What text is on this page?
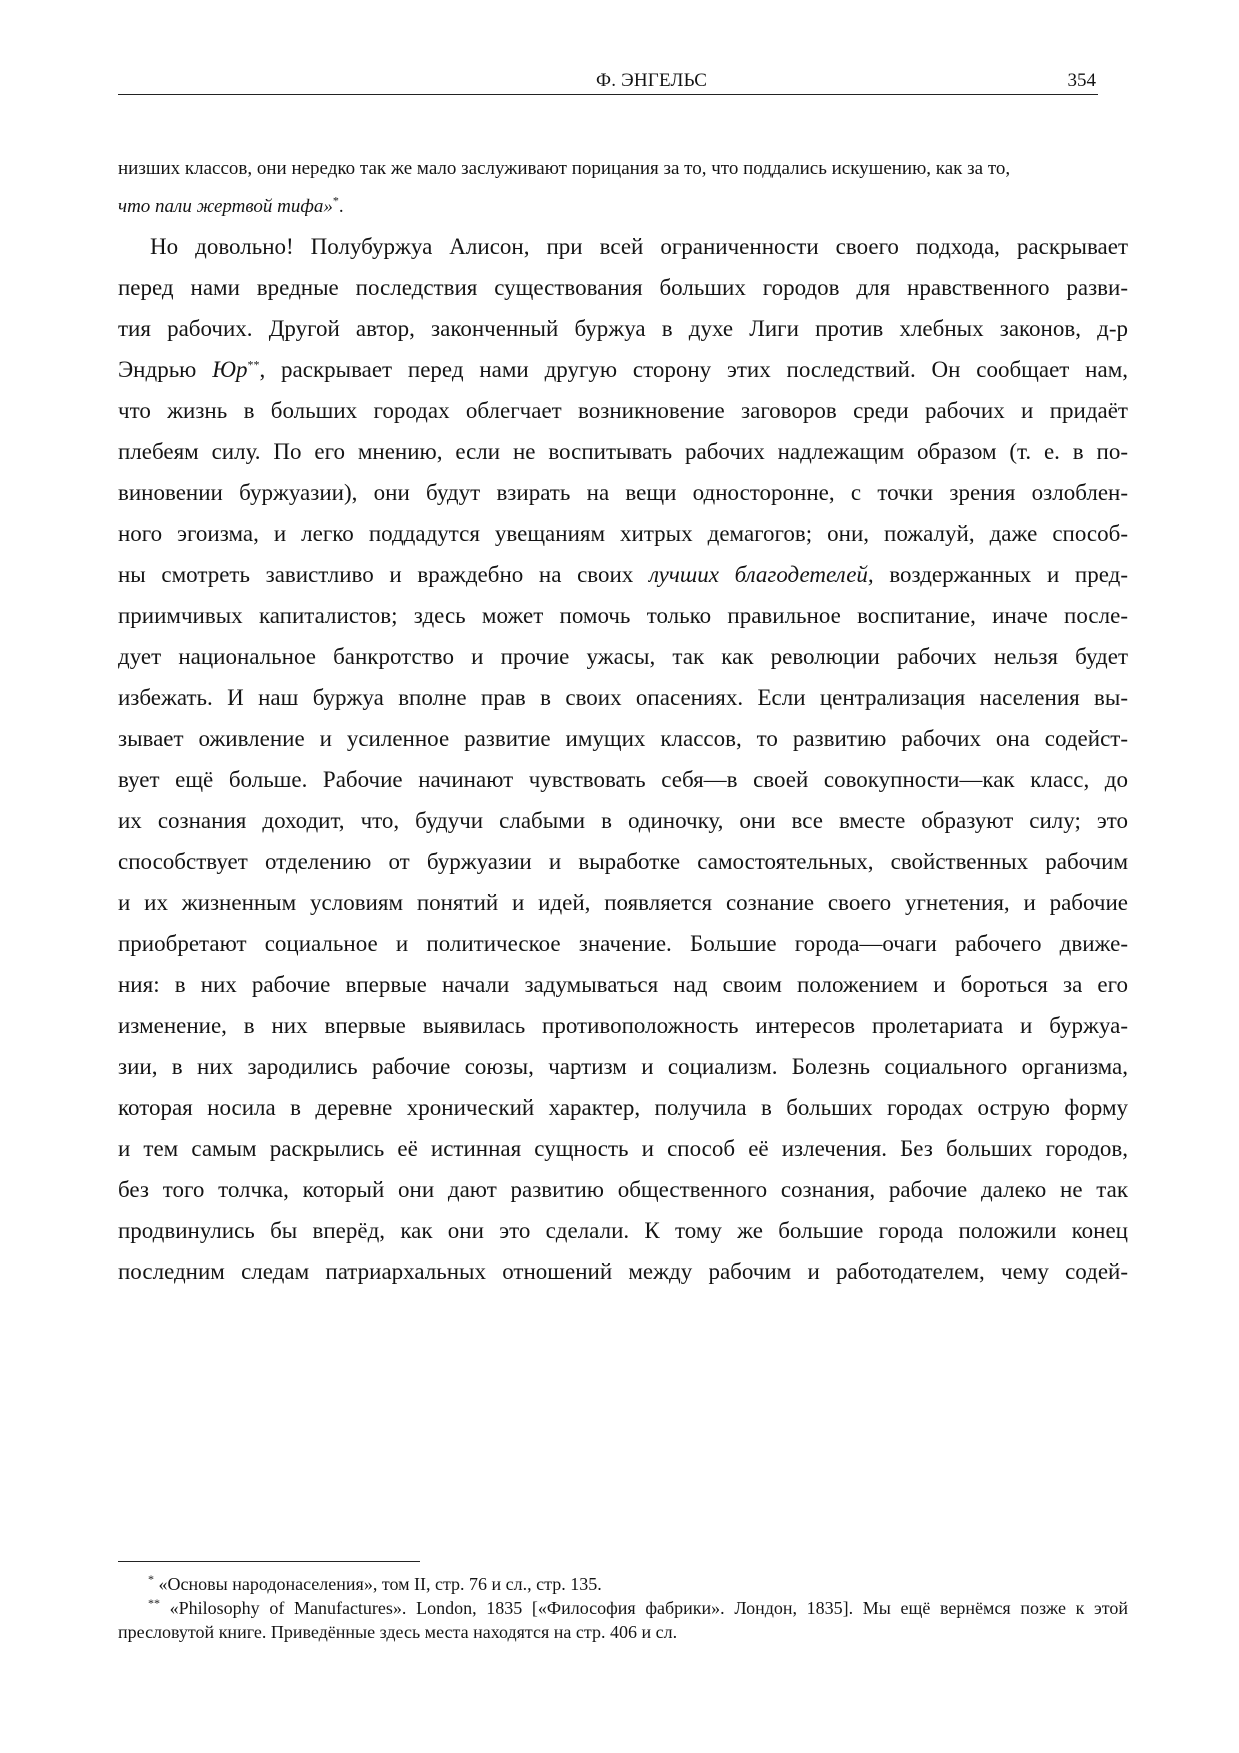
Ф. ЭНГЕЛЬС	354

низших классов, они нередко так же мало заслуживают порицания за то, что поддались искушению, как за то,

что пали жертвой тифа»*.

Но довольно! Полубуржуа Алисон, при всей ограниченности своего подхода, раскрывает
перед нами вредные последствия существования больших городов для нравственного разви-
тия рабочих. Другой автор, законченный буржуа в духе Лиги против хлебных законов, д-р
Эндрью Юр**, раскрывает перед нами другую сторону этих последствий. Он сообщает нам,
что жизнь в больших городах облегчает возникновение заговоров среди рабочих и придаёт
плебеям силу. По его мнению, если не воспитывать рабочих надлежащим образом (т. е. в по-
виновении буржуазии), они будут взирать на вещи односторонне, с точки зрения озлоблен-
ного эгоизма, и легко поддадутся увещаниям хитрых демагогов; они, пожалуй, даже способ-
ны смотреть завистливо и враждебно на своих лучших благодетелей, воздержанных и пред-
приимчивых капиталистов; здесь может помочь только правильное воспитание, иначе после-
дует национальное банкротство и прочие ужасы, так как революции рабочих нельзя будет
избежать. И наш буржуа вполне прав в своих опасениях. Если централизация населения вы-
зывает оживление и усиленное развитие имущих классов, то развитию рабочих она содейст-
вует ещё больше. Рабочие начинают чувствовать себя—в своей совокупности—как класс, до
их сознания доходит, что, будучи слабыми в одиночку, они все вместе образуют силу; это
способствует отделению от буржуазии и выработке самостоятельных, свойственных рабочим
и их жизненным условиям понятий и идей, появляется сознание своего угнетения, и рабочие
приобретают социальное и политическое значение. Большие города—очаги рабочего движе-
ния: в них рабочие впервые начали задумываться над своим положением и бороться за его
изменение, в них впервые выявилась противоположность интересов пролетариата и буржуа-
зии, в них зародились рабочие союзы, чартизм и социализм. Болезнь социального организма,
которая носила в деревне хронический характер, получила в больших городах острую форму
и тем самым раскрылись её истинная сущность и способ её излечения. Без больших городов,
без того толчка, который они дают развитию общественного сознания, рабочие далеко не так
продвинулись бы вперёд, как они это сделали. К тому же большие города положили конец
последним следам патриархальных отношений между рабочим и работодателем, чему содей-

* «Основы народонаселения», том II, стр. 76 и сл., стр. 135.

** «Philosophy of Manufactures». London, 1835 [«Философия фабрики». Лондон, 1835]. Мы ещё вернёмся позже к этой пресловутой книге. Приведённые здесь места находятся на стр. 406 и сл.
